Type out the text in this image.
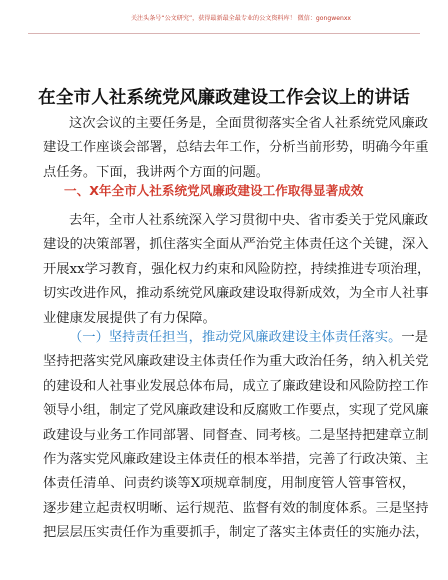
关注头条号“公文研究”，获得最新最全最专业的公文资料库！ 微信：gongwenxx
在全市人社系统党风廉政建设工作会议上的讲话
这次会议的主要任务是，全面贯彻落实全省人社系统党风廉政
建设工作座谈会部署，总结去年工作，分析当前形势，明确今年重
点任务。下面，我讲两个方面的问题。
一、X年全市人社系统党风廉政建设工作取得显著成效
去年，全市人社系统深入学习贯彻中央、省市委关于党风廉政
建设的决策部署，抓住落实全面从严治党主体责任这个关键，深入
开展xx学习教育，强化权力约束和风险防控，持续推进专项治理，
切实改进作风，推动系统党风廉政建设取得新成效，为全市人社事
业健康发展提供了有力保障。
（一）坚持责任担当，推动党风廉政建设主体责任落实。一是
坚持把落实党风廉政建设主体责任作为重大政治任务，纳入机关党
的建设和人社事业发展总体布局，成立了廉政建设和风险防控工作
领导小组，制定了党风廉政建设和反腐败工作要点，实现了党风廉
政建设与业务工作同部署、同督查、同考核。二是坚持把建章立制
作为落实党风廉政建设主体责任的根本举措，完善了行政决策、主
体责任清单、问责约谈等X项规章制度，用制度管人管事管权，
逐步建立起责权明晰、运行规范、监督有效的制度体系。三是坚持
把层层压实责任作为重要抓手，制定了落实主体责任的实施办法，
